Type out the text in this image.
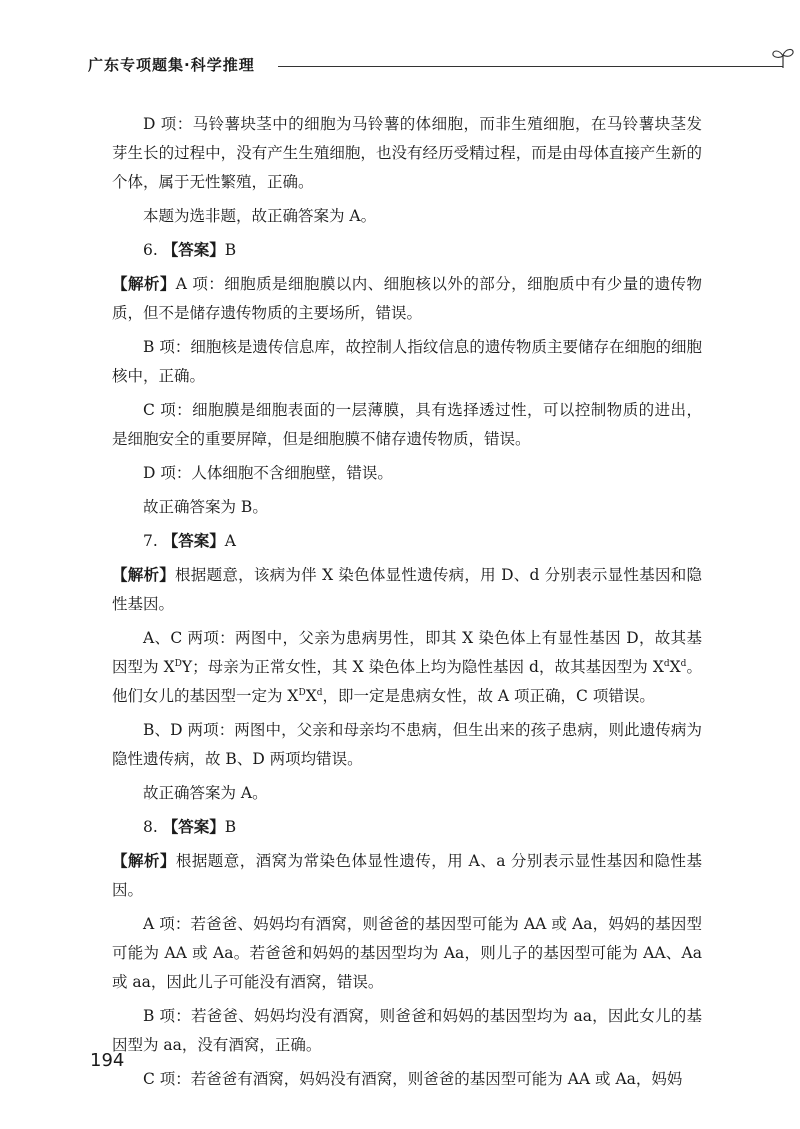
广东专项题集·科学推理

D 项：马铃薯块茎中的细胞为马铃薯的体细胞，而非生殖细胞，在马铃薯块茎发芽生长的过程中，没有产生生殖细胞，也没有经历受精过程，而是由母体直接产生新的个体，属于无性繁殖，正确。

本题为选非题，故正确答案为 A。

6. 【答案】B

【解析】A 项：细胞质是细胞膜以内、细胞核以外的部分，细胞质中有少量的遗传物质，但不是储存遗传物质的主要场所，错误。

B 项：细胞核是遗传信息库，故控制人指纹信息的遗传物质主要储存在细胞的细胞核中，正确。

C 项：细胞膜是细胞表面的一层薄膜，具有选择透过性，可以控制物质的进出，是细胞安全的重要屏障，但是细胞膜不储存遗传物质，错误。

D 项：人体细胞不含细胞壁，错误。

故正确答案为 B。

7. 【答案】A

【解析】根据题意，该病为伴 X 染色体显性遗传病，用 D、d 分别表示显性基因和隐性基因。

A、C 两项：两图中，父亲为患病男性，即其 X 染色体上有显性基因 D，故其基因型为 $X^DY$；母亲为正常女性，其 X 染色体上均为隐性基因 d，故其基因型为 $X^dX^d$。他们女儿的基因型一定为 $X^DX^d$，即一定是患病女性，故 A 项正确，C 项错误。

B、D 两项：两图中，父亲和母亲均不患病，但生出来的孩子患病，则此遗传病为隐性遗传病，故 B、D 两项均错误。

故正确答案为 A。

8. 【答案】B

【解析】根据题意，酒窝为常染色体显性遗传，用 A、a 分别表示显性基因和隐性基因。

A 项：若爸爸、妈妈均有酒窝，则爸爸的基因型可能为 AA 或 Aa，妈妈的基因型可能为 AA 或 Aa。若爸爸和妈妈的基因型均为 Aa，则儿子的基因型可能为 AA、Aa 或 aa，因此儿子可能没有酒窝，错误。

B 项：若爸爸、妈妈均没有酒窝，则爸爸和妈妈的基因型均为 aa，因此女儿的基因型为 aa，没有酒窝，正确。

C 项：若爸爸有酒窝，妈妈没有酒窝，则爸爸的基因型可能为 AA 或 Aa，妈妈

194
